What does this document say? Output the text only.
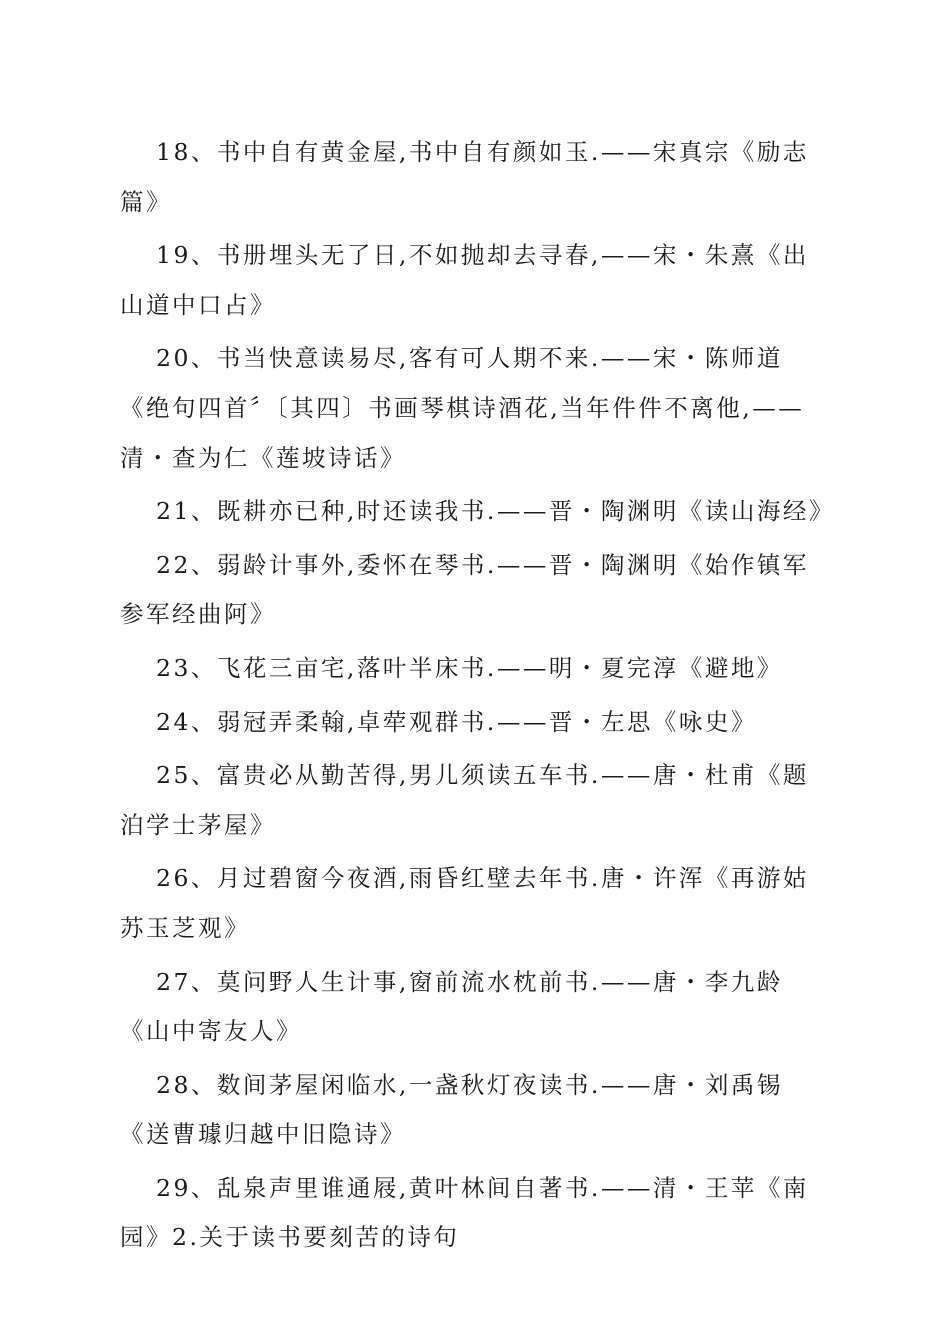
18、书中自有黄金屋,书中自有颜如玉.——宋真宗《励志篇》

19、书册埋头无了日,不如抛却去寻春,——宋・朱熹《出山道中口占》

20、书当快意读易尽,客有可人期不来.——宋・陈师道《绝句四首〞〔其四〕书画琴棋诗酒花,当年件件不离他,——清・查为仁《莲坡诗话》

21、既耕亦已种,时还读我书.——晋・陶渊明《读山海经》

22、弱龄计事外,委怀在琴书.——晋・陶渊明《始作镇军参军经曲阿》

23、飞花三亩宅,落叶半床书.——明・夏完淳《避地》

24、弱冠弄柔翰,卓荦观群书.——晋・左思《咏史》

25、富贵必从勤苦得,男儿须读五车书.——唐・杜甫《题泊学士茅屋》

26、月过碧窗今夜酒,雨昏红壁去年书.唐・许浑《再游姑苏玉芝观》

27、莫问野人生计事,窗前流水枕前书.——唐・李九龄《山中寄友人》

28、数间茅屋闲临水,一盏秋灯夜读书.——唐・刘禹锡《送曹璩归越中旧隐诗》

29、乱泉声里谁通屐,黄叶林间自著书.——清・王苹《南园》2.关于读书要刻苦的诗句
